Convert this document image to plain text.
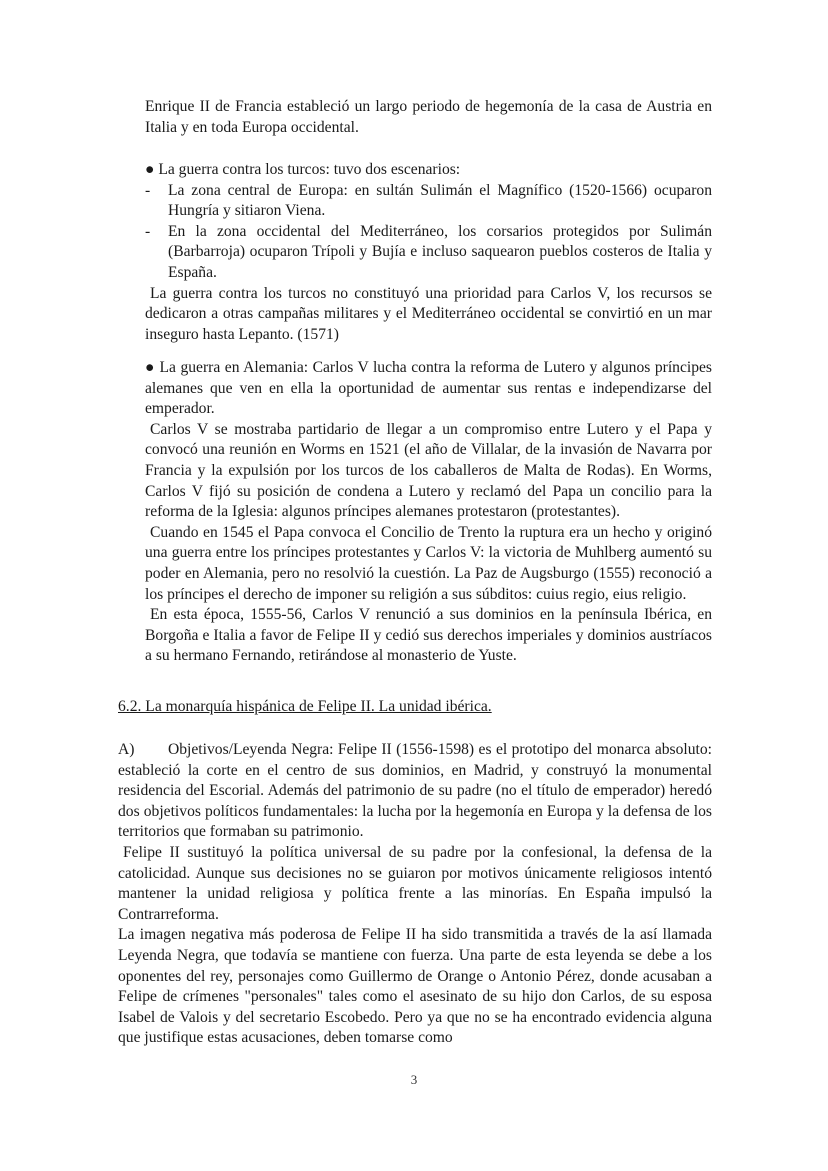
Enrique II de Francia estableció un largo periodo de hegemonía de la casa de Austria en Italia y en toda Europa occidental.

● La guerra contra los turcos: tuvo dos escenarios:

- La zona central de Europa: en sultán Sulimán el Magnífico (1520-1566) ocuparon Hungría y sitiaron Viena.

- En la zona occidental del Mediterráneo, los corsarios protegidos por Sulimán (Barbarroja) ocuparon Trípoli y Bujía e incluso saquearon pueblos costeros de Italia y España.

La guerra contra los turcos no constituyó una prioridad para Carlos V, los recursos se dedicaron a otras campañas militares y el Mediterráneo occidental se convirtió en un mar inseguro hasta Lepanto. (1571)

● La guerra en Alemania: Carlos V lucha contra la reforma de Lutero y algunos príncipes alemanes que ven en ella la oportunidad de aumentar sus rentas e independizarse del emperador.

Carlos V se mostraba partidario de llegar a un compromiso entre Lutero y el Papa y convocó una reunión en Worms en 1521 (el año de Villalar, de la invasión de Navarra por Francia y la expulsión por los turcos de los caballeros de Malta de Rodas). En Worms, Carlos V fijó su posición de condena a Lutero y reclamó del Papa un concilio para la reforma de la Iglesia: algunos príncipes alemanes protestaron (protestantes).

Cuando en 1545 el Papa convoca el Concilio de Trento la ruptura era un hecho y originó una guerra entre los príncipes protestantes y Carlos V: la victoria de Muhlberg aumentó su poder en Alemania, pero no resolvió la cuestión. La Paz de Augsburgo (1555) reconoció a los príncipes el derecho de imponer su religión a sus súbditos: cuius regio, eius religio.

En esta época, 1555-56, Carlos V renunció a sus dominios en la península Ibérica, en Borgoña e Italia a favor de Felipe II y cedió sus derechos imperiales y dominios austríacos a su hermano Fernando, retirándose al monasterio de Yuste.

6.2. La monarquía hispánica de Felipe II. La unidad ibérica.

A) Objetivos/Leyenda Negra: Felipe II (1556-1598) es el prototipo del monarca absoluto: estableció la corte en el centro de sus dominios, en Madrid, y construyó la monumental residencia del Escorial. Además del patrimonio de su padre (no el título de emperador) heredó dos objetivos políticos fundamentales: la lucha por la hegemonía en Europa y la defensa de los territorios que formaban su patrimonio.

Felipe II sustituyó la política universal de su padre por la confesional, la defensa de la catolicidad. Aunque sus decisiones no se guiaron por motivos únicamente religiosos intentó mantener la unidad religiosa y política frente a las minorías. En España impulsó la Contrarreforma.

La imagen negativa más poderosa de Felipe II ha sido transmitida a través de la así llamada Leyenda Negra, que todavía se mantiene con fuerza. Una parte de esta leyenda se debe a los oponentes del rey, personajes como Guillermo de Orange o Antonio Pérez, donde acusaban a Felipe de crímenes "personales" tales como el asesinato de su hijo don Carlos, de su esposa Isabel de Valois y del secretario Escobedo. Pero ya que no se ha encontrado evidencia alguna que justifique estas acusaciones, deben tomarse como

3
